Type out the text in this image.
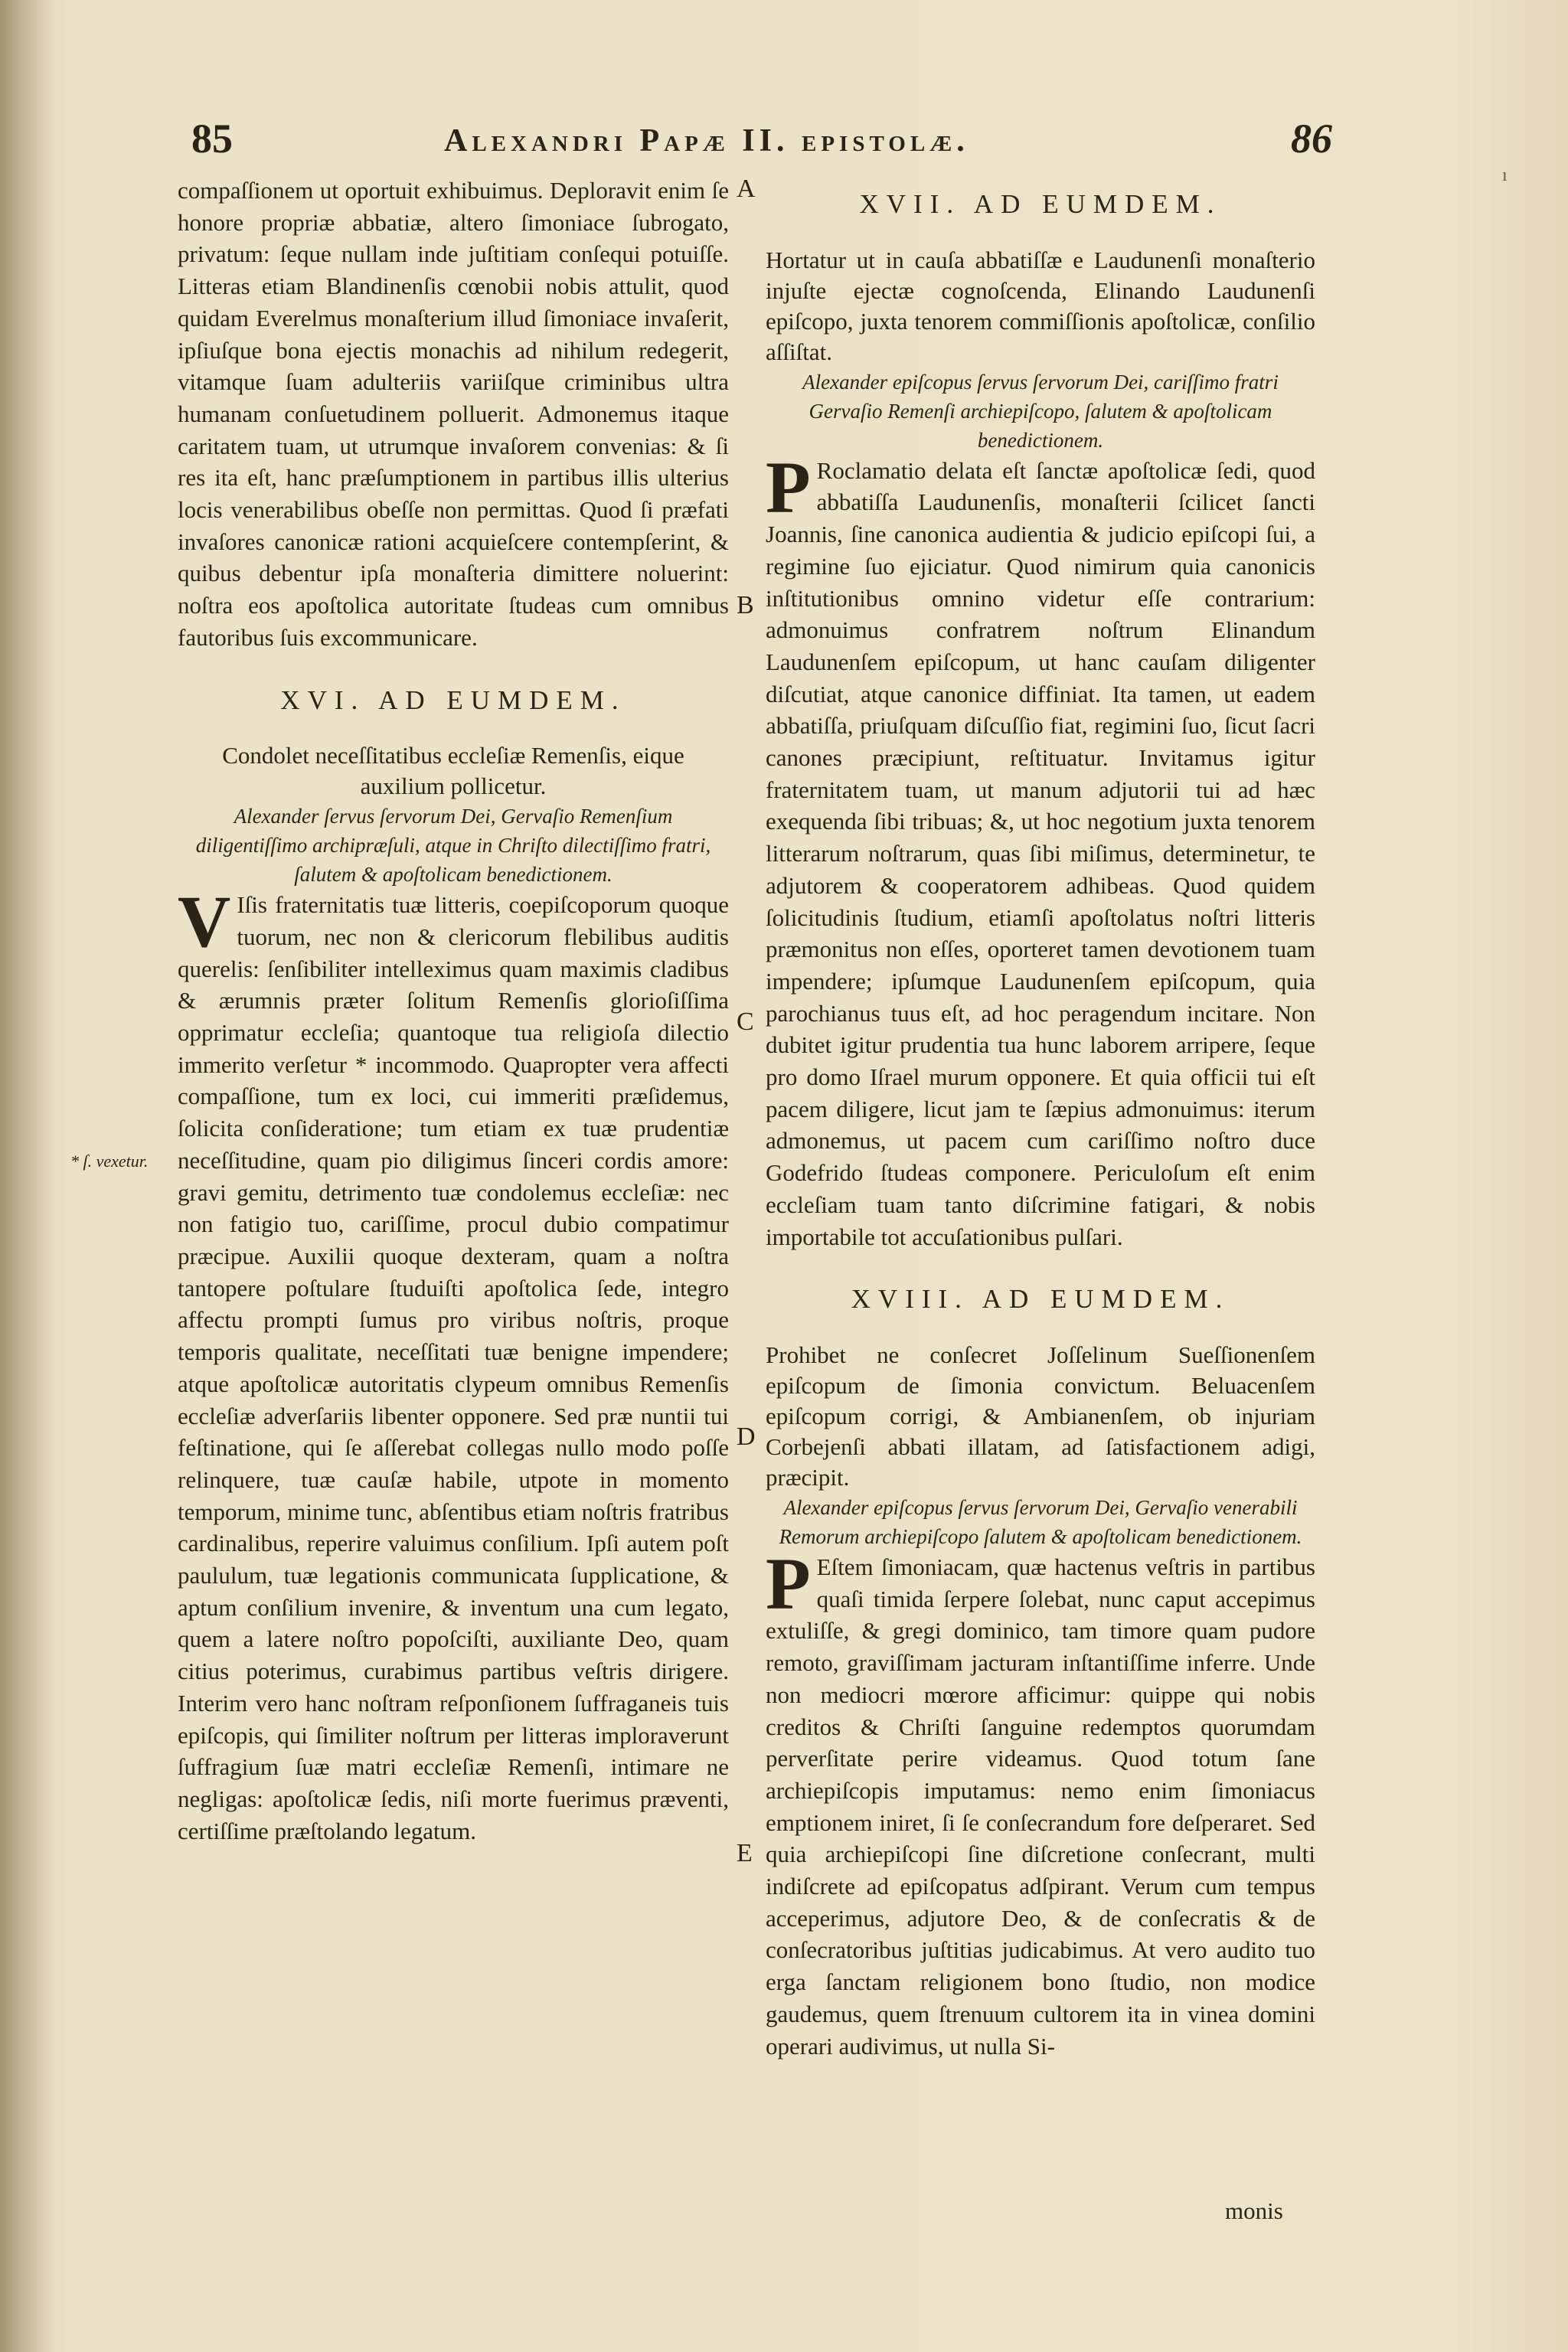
85	Alexandri Papæ II. epistolæ.	86
ı
* ſ. vexetur.
A
B
C
D
E

compaſſionem ut oportuit exhibuimus. Deploravit enim ſe honore propriæ abbatiæ, altero ſimoniace ſubrogato, privatum: ſeque nullam inde juſtitiam conſequi potuiſſe. Litteras etiam Blandinenſis cœnobii nobis attulit, quod quidam Everelmus monaſterium illud ſimoniace invaſerit, ipſiuſque bona ejectis monachis ad nihilum redegerit, vitamque ſuam adulteriis variiſque criminibus ultra humanam conſuetudinem polluerit. Admonemus itaque caritatem tuam, ut utrumque invaſorem convenias: & ſi res ita eſt, hanc præſumptionem in partibus illis ulterius locis venerabilibus obeſſe non permittas. Quod ſi præfati invaſores canonicæ rationi acquieſcere contempſerint, & quibus debentur ipſa monaſteria dimittere noluerint: noſtra eos apoſtolica autoritate ſtudeas cum omnibus fautoribus ſuis excommunicare.

XVI. AD EUMDEM.

Condolet neceſſitatibus eccleſiæ Remenſis, eique auxilium pollicetur.

Alexander ſervus ſervorum Dei, Gervaſio Remenſium diligentiſſimo archipræſuli, atque in Chriſto dilectiſſimo fratri, ſalutem & apoſtolicam benedictionem.

V Iſis fraternitatis tuæ litteris, coepiſcoporum quoque tuorum, nec non & clericorum flebilibus auditis querelis: ſenſibiliter intelleximus quam maximis cladibus & ærumnis præter ſolitum Remenſis glorioſiſſima opprimatur eccleſia; quantoque tua religioſa dilectio immerito verſetur * incommodo. Quapropter vera affecti compaſſione, tum ex loci, cui immeriti præſidemus, ſolicita conſideratione; tum etiam ex tuæ prudentiæ neceſſitudine, quam pio diligimus ſinceri cordis amore: gravi gemitu, detrimento tuæ condolemus eccleſiæ: nec non fatigio tuo, cariſſime, procul dubio compatimur præcipue. Auxilii quoque dexteram, quam a noſtra tantopere poſtulare ſtuduiſti apoſtolica ſede, integro affectu prompti ſumus pro viribus noſtris, proque temporis qualitate, neceſſitati tuæ benigne impendere; atque apoſtolicæ autoritatis clypeum omnibus Remenſis eccleſiæ adverſariis libenter opponere. Sed præ nuntii tui feſtinatione, qui ſe aſſerebat collegas nullo modo poſſe relinquere, tuæ cauſæ habile, utpote in momento temporum, minime tunc, abſentibus etiam noſtris fratribus cardinalibus, reperire valuimus conſilium. Ipſi autem poſt paululum, tuæ legationis communicata ſupplicatione, & aptum conſilium invenire, & inventum una cum legato, quem a latere noſtro popoſciſti, auxiliante Deo, quam citius poterimus, curabimus partibus veſtris dirigere. Interim vero hanc noſtram reſponſionem ſuffraganeis tuis epiſcopis, qui ſimiliter noſtrum per litteras imploraverunt ſuffragium ſuæ matri eccleſiæ Remenſi, intimare ne negligas: apoſtolicæ ſedis, niſi morte fuerimus præventi, certiſſime præſtolando legatum.

XVII. AD EUMDEM.

Hortatur ut in cauſa abbatiſſæ e Laudunenſi monaſterio injuſte ejectæ cognoſcenda, Elinando Laudunenſi epiſcopo, juxta tenorem commiſſionis apoſtolicæ, conſilio aſſiſtat.

Alexander epiſcopus ſervus ſervorum Dei, cariſſimo fratri Gervaſio Remenſi archiepiſcopo, ſalutem & apoſtolicam benedictionem.

P Roclamatio delata eſt ſanctæ apoſtolicæ ſedi, quod abbatiſſa Laudunenſis, monaſterii ſcilicet ſancti Joannis, ſine canonica audientia & judicio epiſcopi ſui, a regimine ſuo ejiciatur. Quod nimirum quia canonicis inſtitutionibus omnino videtur eſſe contrarium: admonuimus confratrem noſtrum Elinandum Laudunenſem epiſcopum, ut hanc cauſam diligenter diſcutiat, atque canonice diffiniat. Ita tamen, ut eadem abbatiſſa, priuſquam diſcuſſio fiat, regimini ſuo, ſicut ſacri canones præcipiunt, reſtituatur. Invitamus igitur fraternitatem tuam, ut manum adjutorii tui ad hæc exequenda ſibi tribuas; &, ut hoc negotium juxta tenorem litterarum noſtrarum, quas ſibi miſimus, determinetur, te adjutorem & cooperatorem adhibeas. Quod quidem ſolicitudinis ſtudium, etiamſi apoſtolatus noſtri litteris præmonitus non eſſes, oporteret tamen devotionem tuam impendere; ipſumque Laudunenſem epiſcopum, quia parochianus tuus eſt, ad hoc peragendum incitare. Non dubitet igitur prudentia tua hunc laborem arripere, ſeque pro domo Iſrael murum opponere. Et quia officii tui eſt pacem diligere, licut jam te ſæpius admonuimus: iterum admonemus, ut pacem cum cariſſimo noſtro duce Godefrido ſtudeas componere. Periculoſum eſt enim eccleſiam tuam tanto diſcrimine fatigari, & nobis importabile tot accuſationibus pulſari.

XVIII. AD EUMDEM.

Prohibet ne conſecret Joſſelinum Sueſſionenſem epiſcopum de ſimonia convictum. Beluacenſem epiſcopum corrigi, & Ambianenſem, ob injuriam Corbejenſi abbati illatam, ad ſatisfactionem adigi, præcipit.

Alexander epiſcopus ſervus ſervorum Dei, Gervaſio venerabili Remorum archiepiſcopo ſalutem & apoſtolicam benedictionem.

P Eſtem ſimoniacam, quæ hactenus veſtris in partibus quaſi timida ſerpere ſolebat, nunc caput accepimus extuliſſe, & gregi dominico, tam timore quam pudore remoto, graviſſimam jacturam inſtantiſſime inferre. Unde non mediocri mœrore afficimur: quippe qui nobis creditos & Chriſti ſanguine redemptos quorumdam perverſitate perire videamus. Quod totum ſane archiepiſcopis imputamus: nemo enim ſimoniacus emptionem iniret, ſi ſe conſecrandum fore deſperaret. Sed quia archiepiſcopi ſine diſcretione conſecrant, multi indiſcrete ad epiſcopatus adſpirant. Verum cum tempus acceperimus, adjutore Deo, & de conſecratis & de conſecratoribus juſtitias judicabimus. At vero audito tuo erga ſanctam religionem bono ſtudio, non modice gaudemus, quem ſtrenuum cultorem ita in vinea domini operari audivimus, ut nulla Si-

monis
